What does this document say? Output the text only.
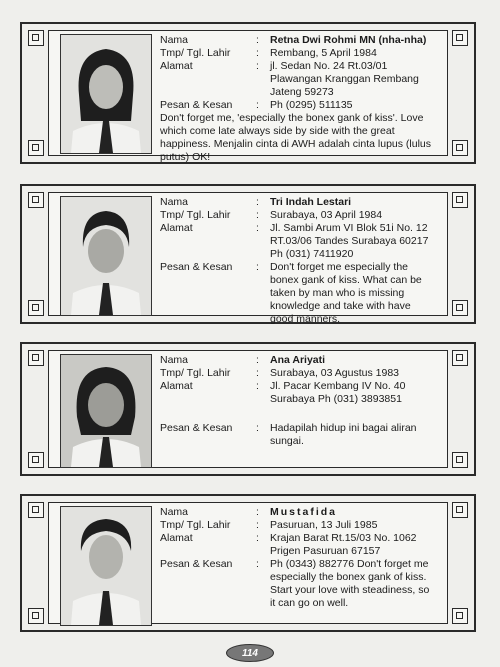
Nama	:	Retna Dwi Rohmi MN (nha-nha)
Tmp/ Tgl. Lahir	:	Rembang, 5 April 1984
Alamat	:	jl. Sedan No. 24 Rt.03/01 Plawangan Kranggan Rembang Jateng 59273
Pesan & Kesan	:	Ph (0295) 511135
Don't forget me, 'especially the bonex gank of kiss'. Love which come late always side by side with the great happiness. Menjalin cinta di AWH adalah cinta lupus (lulus putus) OK!
Nama	:	Tri Indah Lestari
Tmp/ Tgl. Lahir	:	Surabaya, 03 April 1984
Alamat	:	Jl. Sambi Arum VI Blok 51i No. 12 RT.03/06 Tandes Surabaya 60217 Ph (031) 7411920
Pesan & Kesan	:	Don't forget me especially the bonex gank of kiss. What can be taken by man who is missing knowledge and take with have good manners.
Nama	:	Ana Ariyati
Tmp/ Tgl. Lahir	:	Surabaya, 03 Agustus 1983
Alamat	:	Jl. Pacar Kembang IV No. 40 Surabaya Ph (031) 3893851
Pesan & Kesan	:	Hadapilah hidup ini bagai aliran sungai.
Nama	:	Mustafida
Tmp/ Tgl. Lahir	:	Pasuruan, 13 Juli 1985
Alamat	:	Krajan Barat Rt.15/03 No. 1062 Prigen Pasuruan 67157
Pesan & Kesan	:	Ph (0343) 882776 Don't forget me especially the bonex gank of kiss. Start your love with steadiness, so it can go on well.
114
